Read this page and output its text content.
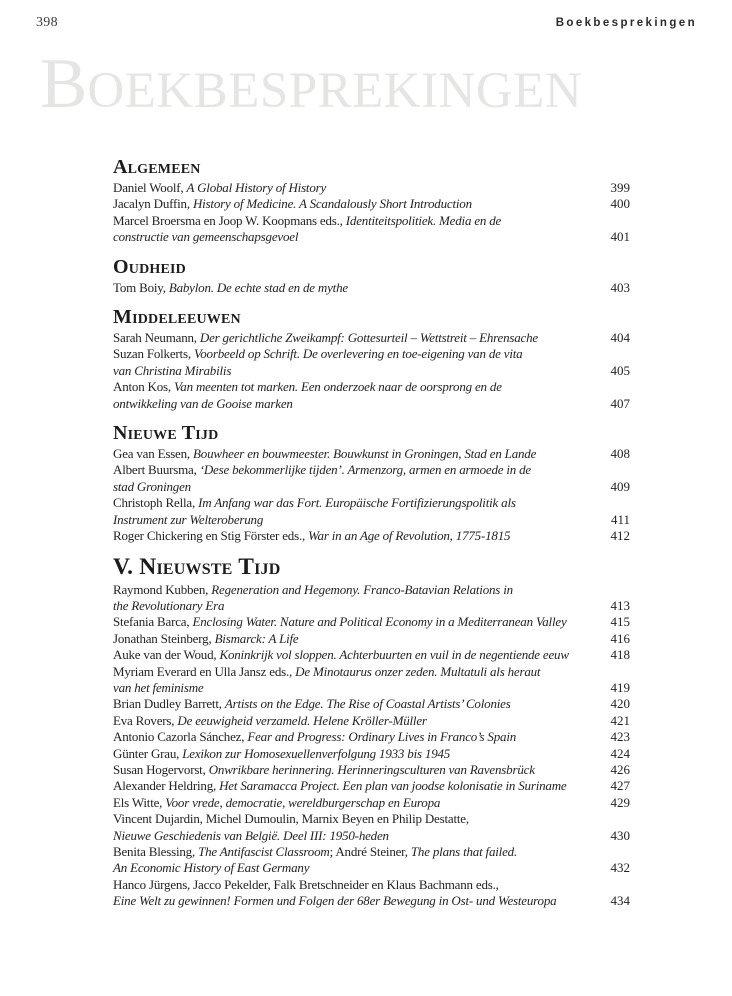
398	Boekbesprekingen
BOEKBESPREKINGEN
Algemeen
Daniel Woolf, A Global History of History	399
Jacalyn Duffin, History of Medicine. A Scandalously Short Introduction	400
Marcel Broersma en Joop W. Koopmans eds., Identiteitspolitiek. Media en de
constructie van gemeenschapsgevoel	401
Oudheid
Tom Boiy, Babylon. De echte stad en de mythe	403
Middeleeuwen
Sarah Neumann, Der gerichtliche Zweikampf: Gottesurteil – Wettstreit – Ehrensache	404
Suzan Folkerts, Voorbeeld op Schrift. De overlevering en toe-eigening van de vita
van Christina Mirabilis	405
Anton Kos, Van meenten tot marken. Een onderzoek naar de oorsprong en de
ontwikkeling van de Gooise marken	407
Nieuwe Tijd
Gea van Essen, Bouwheer en bouwmeester. Bouwkunst in Groningen, Stad en Lande	408
Albert Buursma, ‘Dese bekommerlijke tijden’. Armenzorg, armen en armoede in de
stad Groningen	409
Christoph Rella, Im Anfang war das Fort. Europäische Fortifizierungspolitik als
Instrument zur Welteroberung	411
Roger Chickering en Stig Förster eds., War in an Age of Revolution, 1775-1815	412
V. Nieuwste Tijd
Raymond Kubben, Regeneration and Hegemony. Franco-Batavian Relations in
the Revolutionary Era	413
Stefania Barca, Enclosing Water. Nature and Political Economy in a Mediterranean Valley	415
Jonathan Steinberg, Bismarck: A Life	416
Auke van der Woud, Koninkrijk vol sloppen. Achterbuurten en vuil in de negentiende eeuw	418
Myriam Everard en Ulla Jansz eds., De Minotaurus onzer zeden. Multatuli als heraut
van het feminisme	419
Brian Dudley Barrett, Artists on the Edge. The Rise of Coastal Artists’ Colonies	420
Eva Rovers, De eeuwigheid verzameld. Helene Kröller-Müller	421
Antonio Cazorla Sánchez, Fear and Progress: Ordinary Lives in Franco’s Spain	423
Günter Grau, Lexikon zur Homosexuellenverfolgung 1933 bis 1945	424
Susan Hogervorst, Onwrikbare herinnering. Herinneringsculturen van Ravensbrück	426
Alexander Heldring, Het Saramacca Project. Een plan van joodse kolonisatie in Suriname	427
Els Witte, Voor vrede, democratie, wereldburgerschap en Europa	429
Vincent Dujardin, Michel Dumoulin, Marnix Beyen en Philip Destatte,
Nieuwe Geschiedenis van België. Deel III: 1950-heden	430
Benita Blessing, The Antifascist Classroom; André Steiner, The plans that failed.
An Economic History of East Germany	432
Hanco Jürgens, Jacco Pekelder, Falk Bretschneider en Klaus Bachmann eds.,
Eine Welt zu gewinnen! Formen und Folgen der 68er Bewegung in Ost- und Westeuropa	434
